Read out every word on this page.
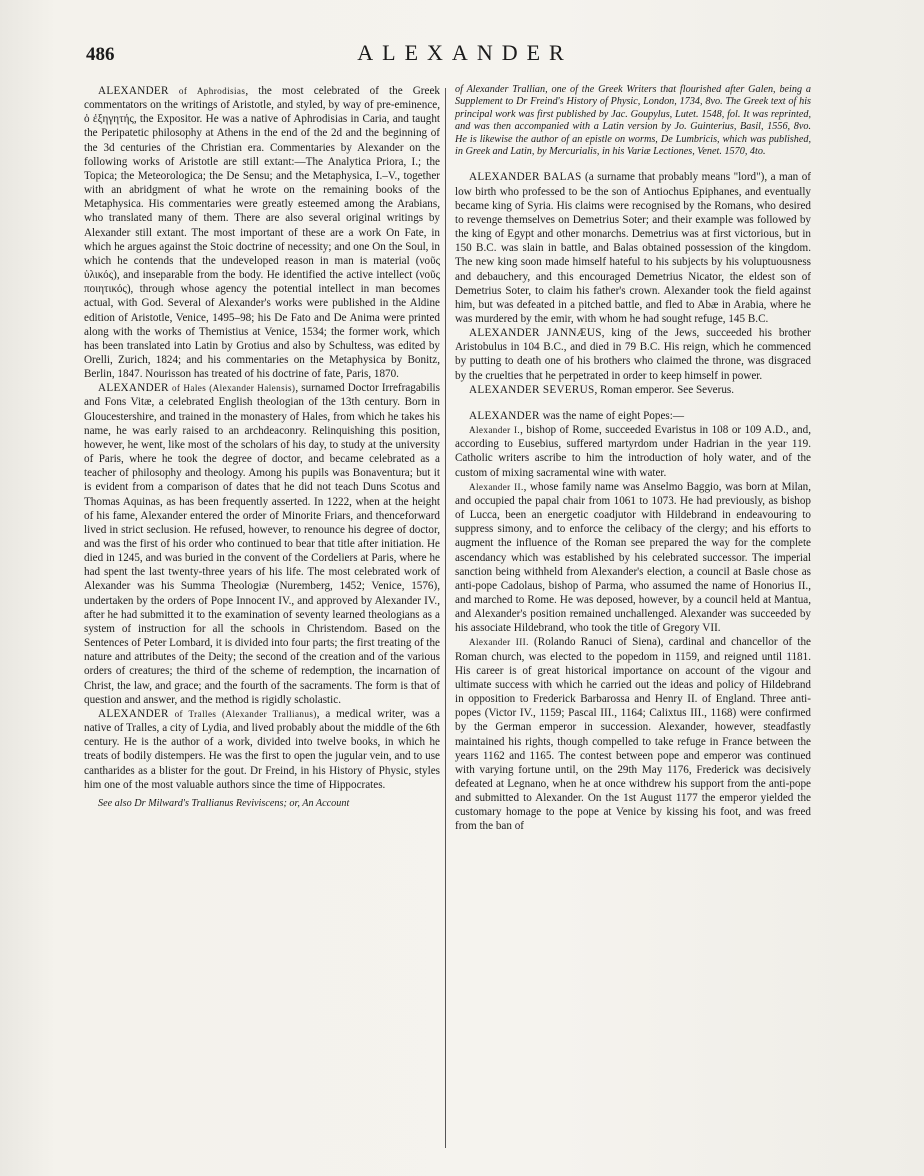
486	ALEXANDER

ALEXANDER of Aphrodisias, the most celebrated of the Greek commentators on the writings of Aristotle, and styled, by way of pre-eminence, ὁ ἐξηγητής, the Expositor. He was a native of Aphrodisias in Caria, and taught the Peripatetic philosophy at Athens in the end of the 2d and the beginning of the 3d centuries of the Christian era. Commentaries by Alexander on the following works of Aristotle are still extant:—The Analytica Priora, I.; the Topica; the Meteorologica; the De Sensu; and the Metaphysica, I.–V., together with an abridgment of what he wrote on the remaining books of the Metaphysica. His commentaries were greatly esteemed among the Arabians, who translated many of them. There are also several original writings by Alexander still extant. The most important of these are a work On Fate, in which he argues against the Stoic doctrine of necessity; and one On the Soul, in which he contends that the undeveloped reason in man is material (νοῦς ὑλικός), and inseparable from the body. He identified the active intellect (νοῦς ποιητικός), through whose agency the potential intellect in man becomes actual, with God. Several of Alexander's works were published in the Aldine edition of Aristotle, Venice, 1495–98; his De Fato and De Anima were printed along with the works of Themistius at Venice, 1534; the former work, which has been translated into Latin by Grotius and also by Schultess, was edited by Orelli, Zurich, 1824; and his commentaries on the Metaphysica by Bonitz, Berlin, 1847. Nourisson has treated of his doctrine of fate, Paris, 1870.

ALEXANDER of Hales (Alexander Halensis), surnamed Doctor Irrefragabilis and Fons Vitæ, a celebrated English theologian of the 13th century. Born in Gloucestershire, and trained in the monastery of Hales, from which he takes his name, he was early raised to an archdeaconry. Relinquishing this position, however, he went, like most of the scholars of his day, to study at the university of Paris, where he took the degree of doctor, and became celebrated as a teacher of philosophy and theology. Among his pupils was Bonaventura; but it is evident from a comparison of dates that he did not teach Duns Scotus and Thomas Aquinas, as has been frequently asserted. In 1222, when at the height of his fame, Alexander entered the order of Minorite Friars, and thenceforward lived in strict seclusion. He refused, however, to renounce his degree of doctor, and was the first of his order who continued to bear that title after initiation. He died in 1245, and was buried in the convent of the Cordeliers at Paris, where he had spent the last twenty-three years of his life. The most celebrated work of Alexander was his Summa Theologiæ (Nuremberg, 1452; Venice, 1576), undertaken by the orders of Pope Innocent IV., and approved by Alexander IV., after he had submitted it to the examination of seventy learned theologians as a system of instruction for all the schools in Christendom. Based on the Sentences of Peter Lombard, it is divided into four parts; the first treating of the nature and attributes of the Deity; the second of the creation and of the various orders of creatures; the third of the scheme of redemption, the incarnation of Christ, the law, and grace; and the fourth of the sacraments. The form is that of question and answer, and the method is rigidly scholastic.

ALEXANDER of Tralles (Alexander Trallianus), a medical writer, was a native of Tralles, a city of Lydia, and lived probably about the middle of the 6th century. He is the author of a work, divided into twelve books, in which he treats of bodily distempers. He was the first to open the jugular vein, and to use cantharides as a blister for the gout. Dr Freind, in his History of Physic, styles him one of the most valuable authors since the time of Hippocrates.

See also Dr Milward's Trallianus Reviviscens; or, An Account

of Alexander Trallian, one of the Greek Writers that flourished after Galen, being a Supplement to Dr Freind's History of Physic, London, 1734, 8vo. The Greek text of his principal work was first published by Jac. Goupylus, Lutet. 1548, fol. It was reprinted, and was then accompanied with a Latin version by Jo. Guinterius, Basil, 1556, 8vo. He is likewise the author of an epistle on worms, De Lumbricis, which was published, in Greek and Latin, by Mercurialis, in his Variæ Lectiones, Venet. 1570, 4to.

ALEXANDER BALAS (a surname that probably means "lord"), a man of low birth who professed to be the son of Antiochus Epiphanes, and eventually became king of Syria. His claims were recognised by the Romans, who desired to revenge themselves on Demetrius Soter; and their example was followed by the king of Egypt and other monarchs. Demetrius was at first victorious, but in 150 B.C. was slain in battle, and Balas obtained possession of the kingdom. The new king soon made himself hateful to his subjects by his voluptuousness and debauchery, and this encouraged Demetrius Nicator, the eldest son of Demetrius Soter, to claim his father's crown. Alexander took the field against him, but was defeated in a pitched battle, and fled to Abæ in Arabia, where he was murdered by the emir, with whom he had sought refuge, 145 B.C.

ALEXANDER JANNÆUS, king of the Jews, succeeded his brother Aristobulus in 104 B.C., and died in 79 B.C. His reign, which he commenced by putting to death one of his brothers who claimed the throne, was disgraced by the cruelties that he perpetrated in order to keep himself in power.

ALEXANDER SEVERUS, Roman emperor. See Severus.

ALEXANDER was the name of eight Popes:—

Alexander I., bishop of Rome, succeeded Evaristus in 108 or 109 A.D., and, according to Eusebius, suffered martyrdom under Hadrian in the year 119. Catholic writers ascribe to him the introduction of holy water, and of the custom of mixing sacramental wine with water.

Alexander II., whose family name was Anselmo Baggio, was born at Milan, and occupied the papal chair from 1061 to 1073. He had previously, as bishop of Lucca, been an energetic coadjutor with Hildebrand in endeavouring to suppress simony, and to enforce the celibacy of the clergy; and his efforts to augment the influence of the Roman see prepared the way for the complete ascendancy which was established by his celebrated successor. The imperial sanction being withheld from Alexander's election, a council at Basle chose as anti-pope Cadolaus, bishop of Parma, who assumed the name of Honorius II., and marched to Rome. He was deposed, however, by a council held at Mantua, and Alexander's position remained unchallenged. Alexander was succeeded by his associate Hildebrand, who took the title of Gregory VII.

Alexander III. (Rolando Ranuci of Siena), cardinal and chancellor of the Roman church, was elected to the popedom in 1159, and reigned until 1181. His career is of great historical importance on account of the vigour and ultimate success with which he carried out the ideas and policy of Hildebrand in opposition to Frederick Barbarossa and Henry II. of England. Three anti-popes (Victor IV., 1159; Pascal III., 1164; Calixtus III., 1168) were confirmed by the German emperor in succession. Alexander, however, steadfastly maintained his rights, though compelled to take refuge in France between the years 1162 and 1165. The contest between pope and emperor was continued with varying fortune until, on the 29th May 1176, Frederick was decisively defeated at Legnano, when he at once withdrew his support from the anti-pope and submitted to Alexander. On the 1st August 1177 the emperor yielded the customary homage to the pope at Venice by kissing his foot, and was freed from the ban of
